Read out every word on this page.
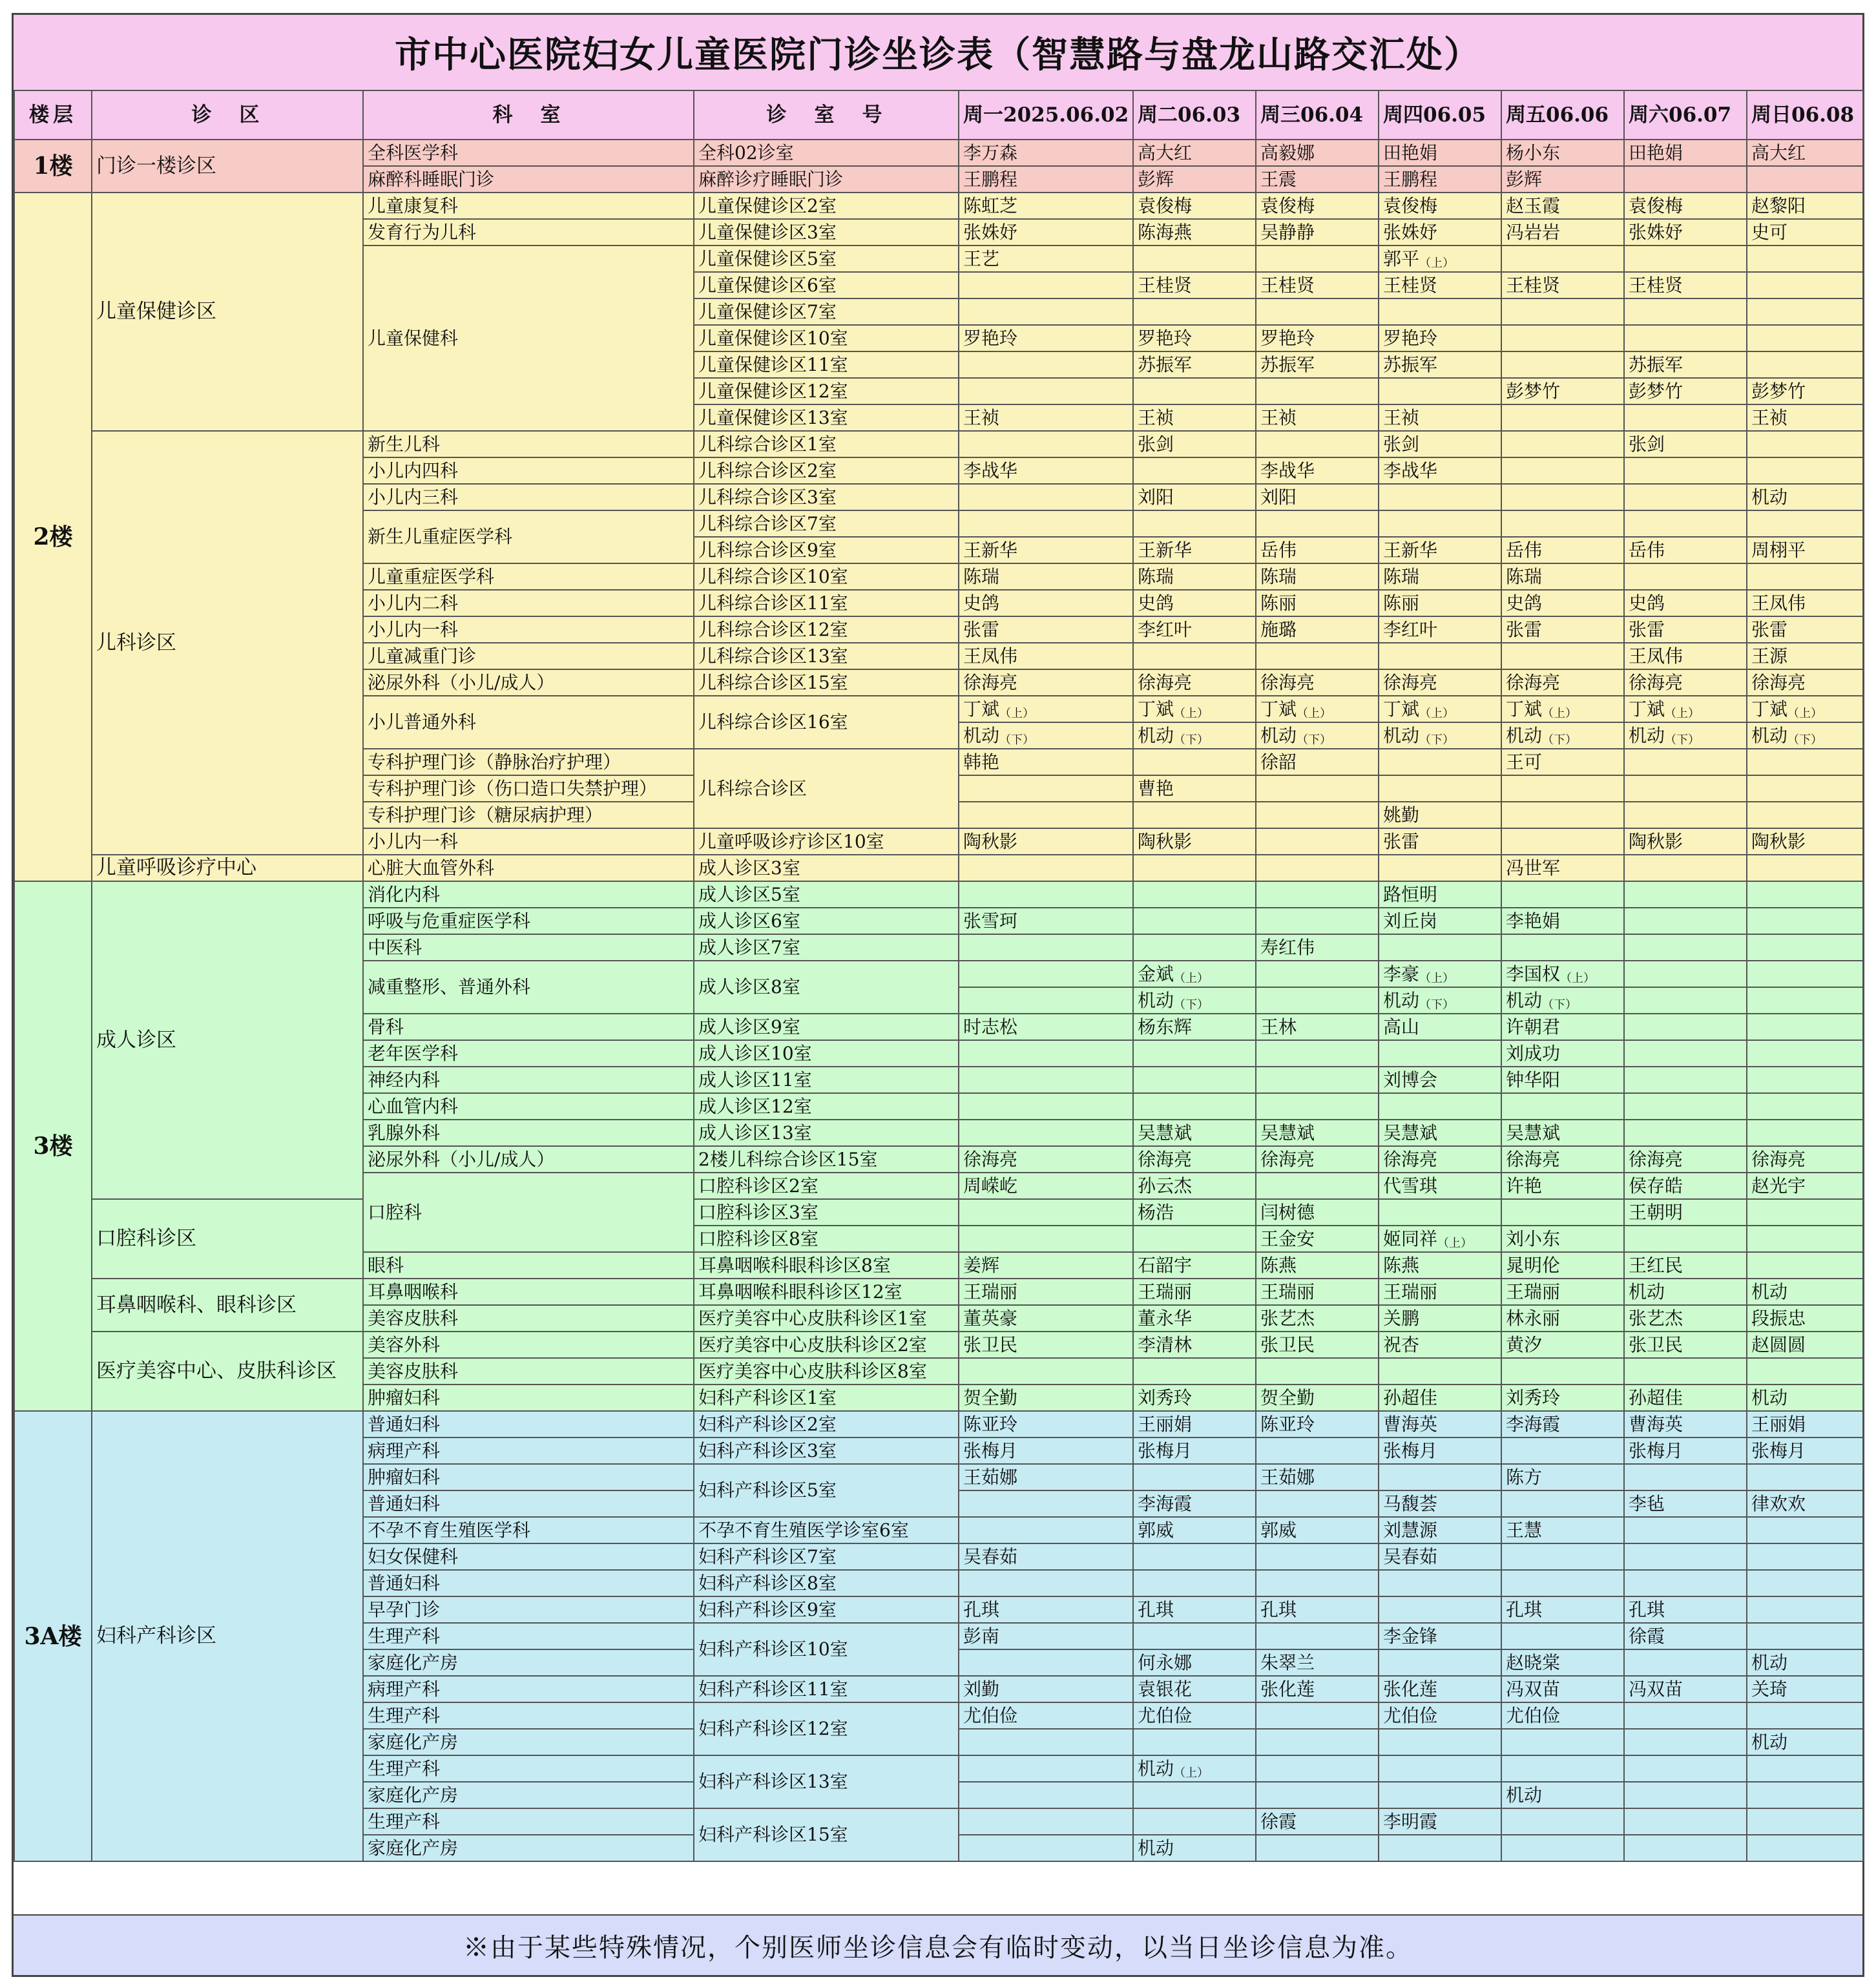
市中心医院妇女儿童医院门诊坐诊表（智慧路与盘龙山路交汇处）
楼层	诊　区	科　室	诊　室　号	周一2025.06.02	周二06.03	周三06.04	周四06.05	周五06.06	周六06.07	周日06.08
1楼	门诊一楼诊区	全科医学科	全科02诊室	李万森	高大红	高毅娜	田艳娟	杨小东	田艳娟	高大红
		麻醉科睡眠门诊	麻醉诊疗睡眠门诊	王鹏程	彭辉	王震	王鹏程	彭辉		
2楼	儿童保健诊区	儿童康复科	儿童保健诊区2室	陈虹芝	袁俊梅	袁俊梅	袁俊梅	赵玉霞	袁俊梅	赵黎阳
		发育行为儿科	儿童保健诊区3室	张姝妤	陈海燕	吴静静	张姝妤	冯岩岩	张姝妤	史可
		儿童保健科	儿童保健诊区5室	王艺			郭平$_{(上)}$			
			儿童保健诊区6室		王桂贤	王桂贤	王桂贤	王桂贤	王桂贤	
			儿童保健诊区7室							
			儿童保健诊区10室	罗艳玲	罗艳玲	罗艳玲	罗艳玲			
			儿童保健诊区11室		苏振军	苏振军	苏振军		苏振军	
			儿童保健诊区12室					彭梦竹	彭梦竹	彭梦竹
			儿童保健诊区13室	王祯	王祯	王祯	王祯			王祯
	儿科诊区	新生儿科	儿科综合诊区1室		张剑		张剑		张剑	
		小儿内四科	儿科综合诊区2室	李战华		李战华	李战华			
		小儿内三科	儿科综合诊区3室		刘阳	刘阳				机动
		新生儿重症医学科	儿科综合诊区7室							
			儿科综合诊区9室	王新华	王新华	岳伟	王新华	岳伟	岳伟	周栩平
		儿童重症医学科	儿科综合诊区10室	陈瑞	陈瑞	陈瑞	陈瑞	陈瑞		
		小儿内二科	儿科综合诊区11室	史鸽	史鸽	陈丽	陈丽	史鸽	史鸽	王凤伟
		小儿内一科	儿科综合诊区12室	张雷	李红叶	施璐	李红叶	张雷	张雷	张雷
		儿童减重门诊	儿科综合诊区13室	王凤伟					王凤伟	王源
		泌尿外科（小儿/成人）	儿科综合诊区15室	徐海亮	徐海亮	徐海亮	徐海亮	徐海亮	徐海亮	徐海亮
		小儿普通外科	儿科综合诊区16室	丁斌$_{(上)}$	丁斌$_{(上)}$	丁斌$_{(上)}$	丁斌$_{(上)}$	丁斌$_{(上)}$	丁斌$_{(上)}$	丁斌$_{(上)}$
				机动$_{(下)}$	机动$_{(下)}$	机动$_{(下)}$	机动$_{(下)}$	机动$_{(下)}$	机动$_{(下)}$	机动$_{(下)}$
		专科护理门诊（静脉治疗护理）	儿科综合诊区	韩艳		徐韶		王可		
		专科护理门诊（伤口造口失禁护理）			曹艳					
		专科护理门诊（糖尿病护理）					姚勤			
		小儿内一科	儿童呼吸诊疗诊区10室	陶秋影	陶秋影		张雷		陶秋影	陶秋影
	儿童呼吸诊疗中心	心脏大血管外科	成人诊区3室					冯世军		
3楼	成人诊区	消化内科	成人诊区5室				路恒明			
		呼吸与危重症医学科	成人诊区6室	张雪珂			刘丘岗	李艳娟		
		中医科	成人诊区7室			寿红伟				
		减重整形、普通外科	成人诊区8室		金斌$_{(上)}$		李豪$_{(上)}$	李国权$_{(上)}$		
					机动$_{(下)}$		机动$_{(下)}$	机动$_{(下)}$		
		骨科	成人诊区9室	时志松	杨东辉	王林	高山	许朝君		
		老年医学科	成人诊区10室					刘成功		
		神经内科	成人诊区11室				刘博会	钟华阳		
		心血管内科	成人诊区12室							
		乳腺外科	成人诊区13室		吴慧斌	吴慧斌	吴慧斌	吴慧斌		
		泌尿外科（小儿/成人）	2楼儿科综合诊区15室	徐海亮	徐海亮	徐海亮	徐海亮	徐海亮	徐海亮	徐海亮
		口腔科	口腔科诊区2室	周嵘屹	孙云杰		代雪琪	许艳	侯存皓	赵光宇
	口腔科诊区		口腔科诊区3室		杨浩	闫树德			王朝明	
			口腔科诊区8室			王金安	姬同祥$_{(上)}$	刘小东		
		眼科	耳鼻咽喉科眼科诊区8室	姜辉	石韶宇	陈燕	陈燕	晁明伦	王红民	
	耳鼻咽喉科、眼科诊区	耳鼻咽喉科	耳鼻咽喉科眼科诊区12室	王瑞丽	王瑞丽	王瑞丽	王瑞丽	王瑞丽	机动	机动
		美容皮肤科	医疗美容中心皮肤科诊区1室	董英豪	董永华	张艺杰	关鹏	林永丽	张艺杰	段振忠
	医疗美容中心、皮肤科诊区	美容外科	医疗美容中心皮肤科诊区2室	张卫民	李清林	张卫民	祝杏	黄汐	张卫民	赵圆圆
		美容皮肤科	医疗美容中心皮肤科诊区8室							
		肿瘤妇科	妇科产科诊区1室	贺全勤	刘秀玲	贺全勤	孙超佳	刘秀玲	孙超佳	机动
3A楼	妇科产科诊区	普通妇科	妇科产科诊区2室	陈亚玲	王丽娟	陈亚玲	曹海英	李海霞	曹海英	王丽娟
		病理产科	妇科产科诊区3室	张梅月	张梅月		张梅月		张梅月	张梅月
		肿瘤妇科	妇科产科诊区5室	王茹娜		王茹娜		陈方		
		普通妇科			李海霞		马馥荟		李毡	律欢欢
		不孕不育生殖医学科	不孕不育生殖医学诊室6室		郭威	郭威	刘慧源	王慧		
		妇女保健科	妇科产科诊区7室	吴春茹			吴春茹			
		普通妇科	妇科产科诊区8室							
		早孕门诊	妇科产科诊区9室	孔琪	孔琪	孔琪		孔琪	孔琪	
		生理产科	妇科产科诊区10室	彭南			李金锋		徐霞	
		家庭化产房			何永娜	朱翠兰		赵晓棠		机动
		病理产科	妇科产科诊区11室	刘勤	袁银花	张化莲	张化莲	冯双苗	冯双苗	关琦
		生理产科	妇科产科诊区12室	尤伯俭	尤伯俭		尤伯俭	尤伯俭		
		家庭化产房								机动
		生理产科	妇科产科诊区13室		机动$_{(上)}$					
		家庭化产房						机动		
		生理产科	妇科产科诊区15室			徐霞	李明霞			
		家庭化产房			机动					
※由于某些特殊情况，个别医师坐诊信息会有临时变动，以当日坐诊信息为准。
